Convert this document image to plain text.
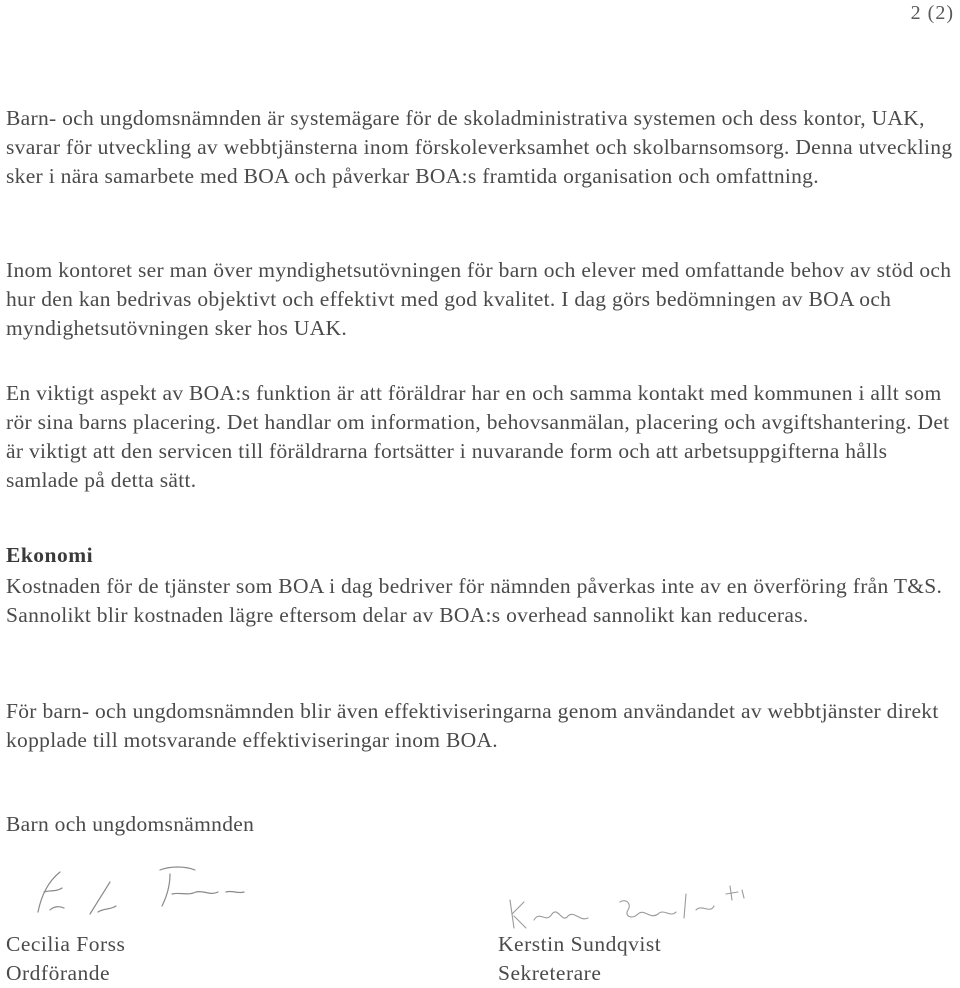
2 (2)

Barn- och ungdomsnämnden är systemägare för de skoladministrativa systemen och dess kontor, UAK, svarar för utveckling av webbtjänsterna inom förskoleverksamhet och skolbarnsomsorg. Denna utveckling sker i nära samarbete med BOA och påverkar BOA:s framtida organisation och omfattning.

Inom kontoret ser man över myndighetsutövningen för barn och elever med omfattande behov av stöd och hur den kan bedrivas objektivt och effektivt med god kvalitet. I dag görs bedömningen av BOA och myndighetsutövningen sker hos UAK.

En viktigt aspekt av BOA:s funktion är att föräldrar har en och samma kontakt med kommunen i allt som rör sina barns placering. Det handlar om information, behovsanmälan, placering och avgiftshantering. Det är viktigt att den servicen till föräldrarna fortsätter i nuvarande form och att arbetsuppgifterna hålls samlade på detta sätt.

Ekonomi

Kostnaden för de tjänster som BOA i dag bedriver för nämnden påverkas inte av en överföring från T&S. Sannolikt blir kostnaden lägre eftersom delar av BOA:s overhead sannolikt kan reduceras.

För barn- och ungdomsnämnden blir även effektiviseringarna genom användandet av webbtjänster direkt kopplade till motsvarande effektiviseringar inom BOA.

Barn och ungdomsnämnden
Cecilia Forss
Ordförande
Kerstin Sundqvist
Sekreterare
